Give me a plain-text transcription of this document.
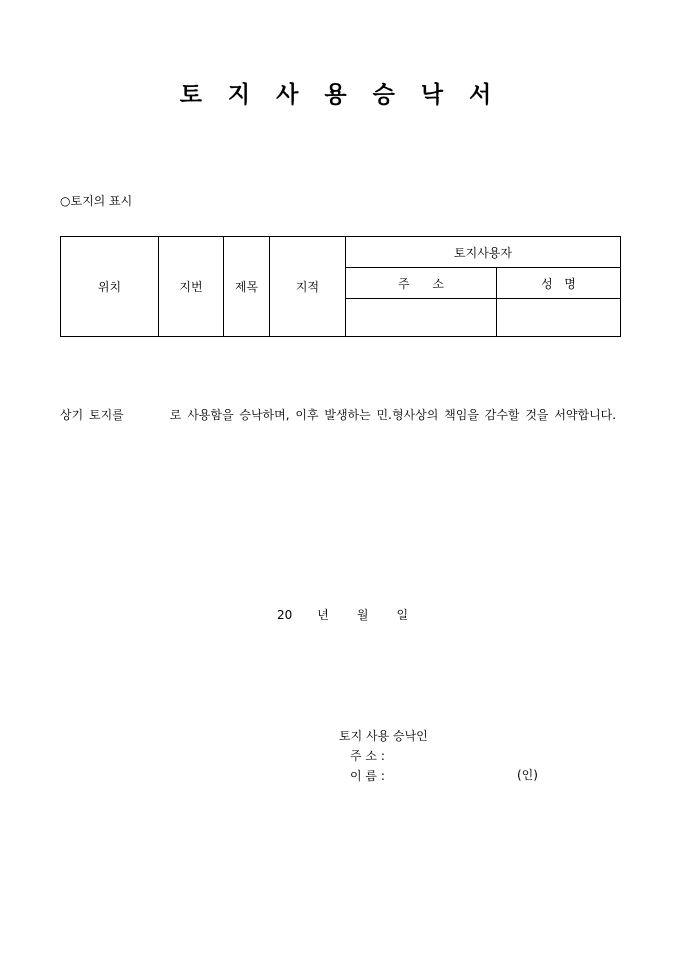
토 지 사 용 승 낙 서
○토지의 표시
위치	지번	제목	지적	토지사용자	
				주      소	성   명

상기 토지를	로 사용함을 승낙하며, 이후 발생하는 민.형사상의 책임을 감수할 것을 서약합니다.
20 년 월 일
토지 사용 승낙인
주 소 :
이 름 :	(인)
